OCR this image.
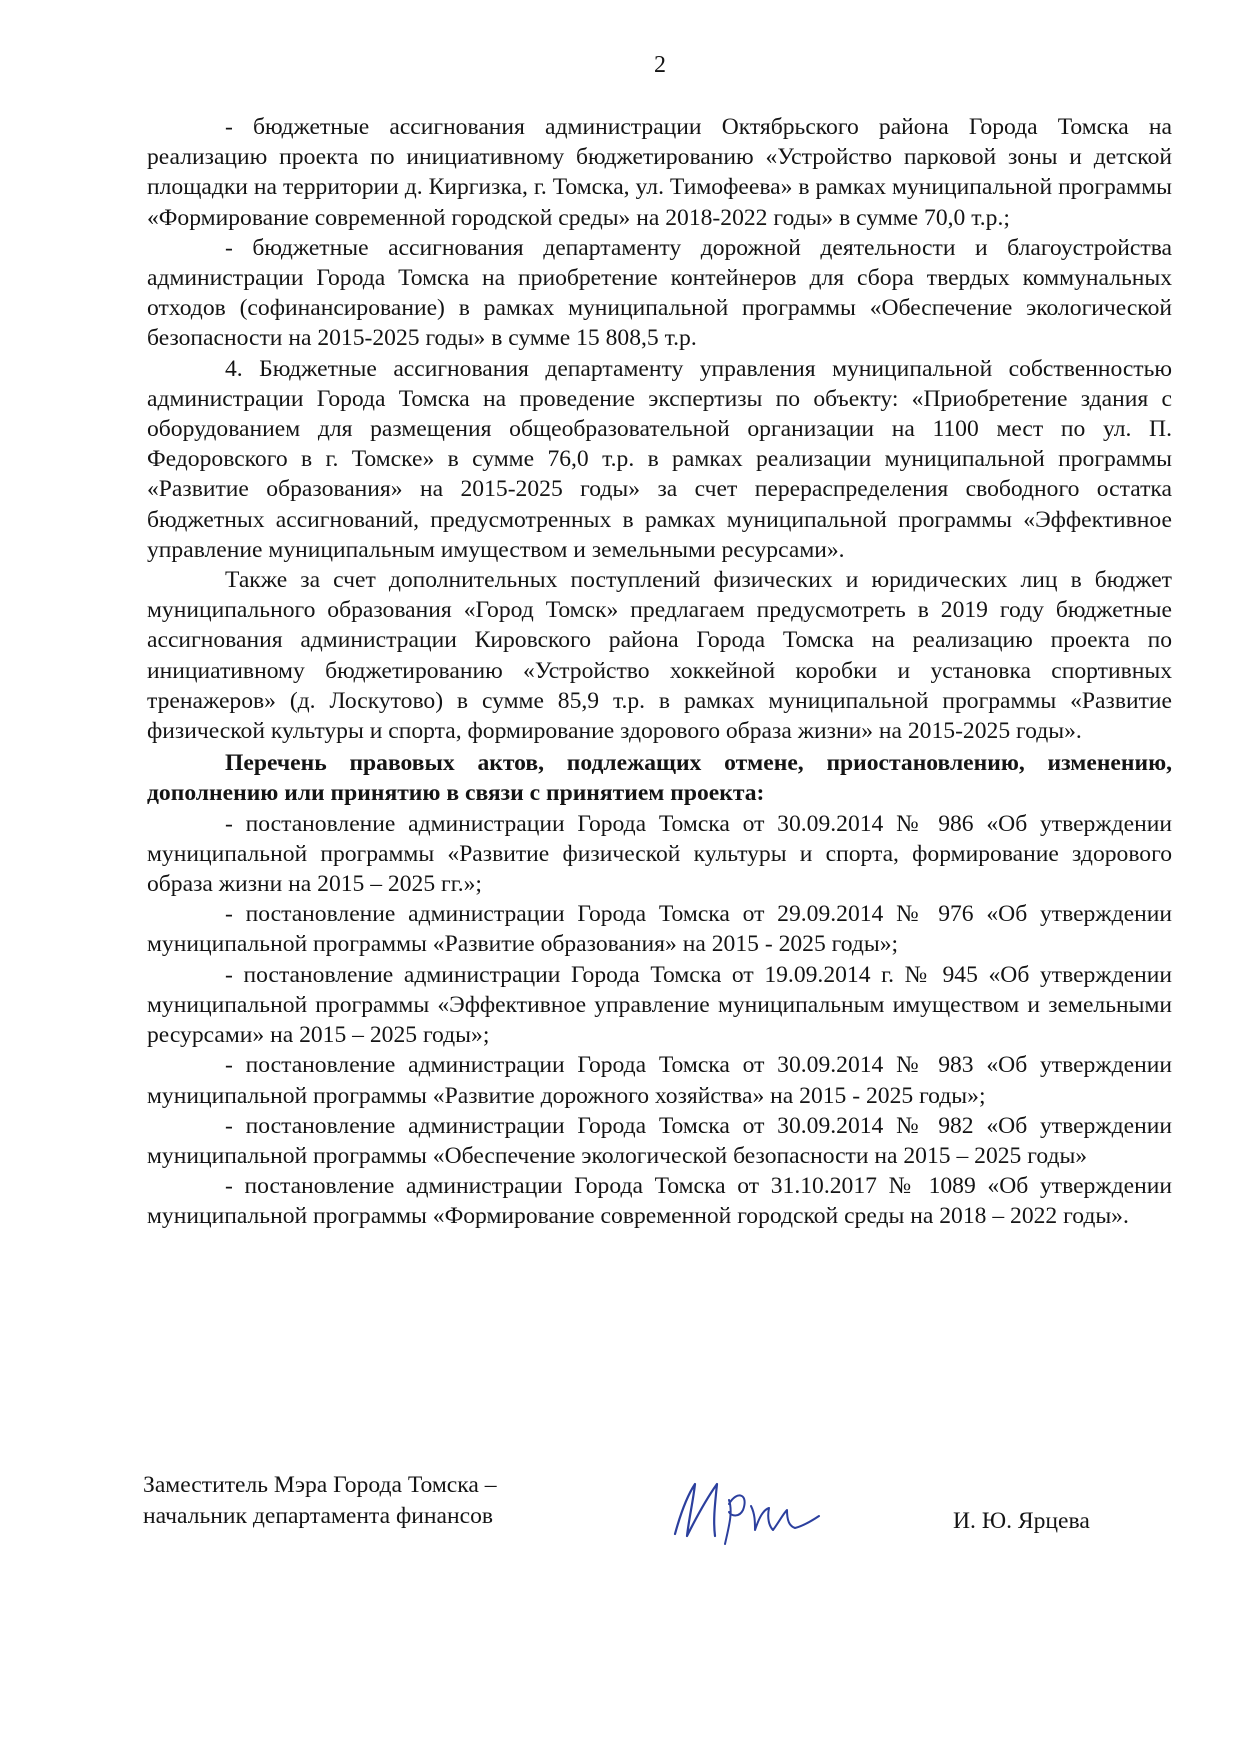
2

- бюджетные ассигнования администрации Октябрьского района Города Томска на реализацию проекта по инициативному бюджетированию «Устройство парковой зоны и детской площадки на территории д. Киргизка, г. Томска, ул. Тимофеева» в рамках муниципальной программы «Формирование современной городской среды» на 2018-2022 годы» в сумме 70,0 т.р.;

- бюджетные ассигнования департаменту дорожной деятельности и благоустройства администрации Города Томска на приобретение контейнеров для сбора твердых коммунальных отходов (софинансирование) в рамках муниципальной программы «Обеспечение экологической безопасности на 2015-2025 годы» в сумме 15 808,5 т.р.

4. Бюджетные ассигнования департаменту управления муниципальной собственностью администрации Города Томска на проведение экспертизы по объекту: «Приобретение здания с оборудованием для размещения общеобразовательной организации на 1100 мест по ул. П. Федоровского в г. Томске» в сумме 76,0 т.р. в рамках реализации муниципальной программы «Развитие образования» на 2015-2025 годы» за счет перераспределения свободного остатка бюджетных ассигнований, предусмотренных в рамках муниципальной программы «Эффективное управление муниципальным имуществом и земельными ресурсами».

Также за счет дополнительных поступлений физических и юридических лиц в бюджет муниципального образования «Город Томск» предлагаем предусмотреть в 2019 году бюджетные ассигнования администрации Кировского района Города Томска на реализацию проекта по инициативному бюджетированию «Устройство хоккейной коробки и установка спортивных тренажеров» (д. Лоскутово) в сумме 85,9 т.р. в рамках муниципальной программы «Развитие физической культуры и спорта, формирование здорового образа жизни» на 2015-2025 годы».

Перечень правовых актов, подлежащих отмене, приостановлению, изменению, дополнению или принятию в связи с принятием проекта:

- постановление администрации Города Томска от 30.09.2014 № 986 «Об утверждении муниципальной программы «Развитие физической культуры и спорта, формирование здорового образа жизни на 2015 – 2025 гг.»;

- постановление администрации Города Томска от 29.09.2014 № 976 «Об утверждении муниципальной программы «Развитие образования» на 2015 - 2025 годы»;

- постановление администрации Города Томска от 19.09.2014 г. № 945 «Об утверждении муниципальной программы «Эффективное управление муниципальным имуществом и земельными ресурсами» на 2015 – 2025 годы»;

- постановление администрации Города Томска от 30.09.2014 № 983 «Об утверждении муниципальной программы «Развитие дорожного хозяйства» на 2015 - 2025 годы»;

- постановление администрации Города Томска от 30.09.2014 № 982 «Об утверждении муниципальной программы «Обеспечение экологической безопасности на 2015 – 2025 годы»

- постановление администрации Города Томска от 31.10.2017 № 1089 «Об утверждении муниципальной программы «Формирование современной городской среды на 2018 – 2022 годы».

Заместитель Мэра Города Томска –
начальник департамента финансов	И. Ю. Ярцева
